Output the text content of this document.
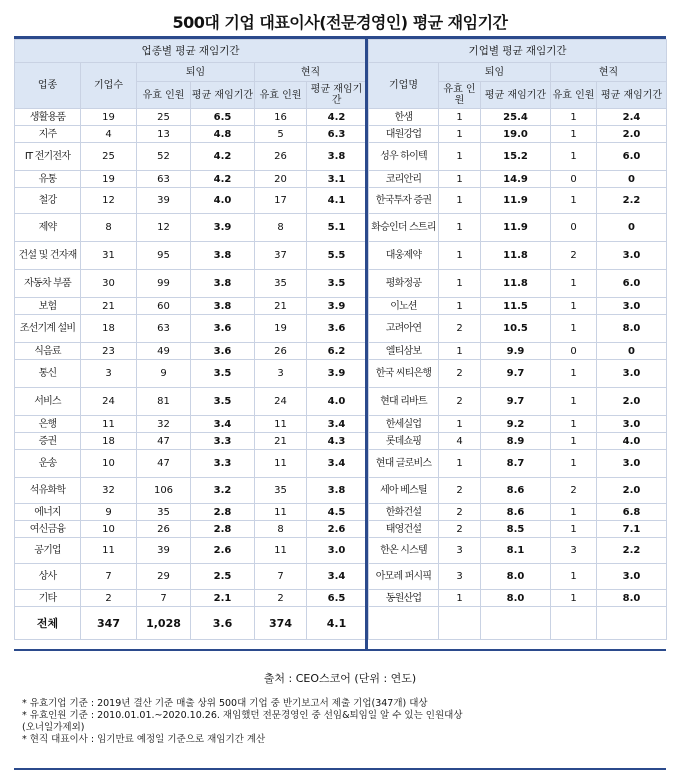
500대 기업 대표이사(전문경영인) 평균 재임기간
업종별 평균 재임기간					
업종	기업수	퇴임		현직	
		유효 인원	평균 재임기간	유효 인원	평균 재임기간
생활용품	19	25	6.5	16	4.2
지주	4	13	4.8	5	6.3
IT 전기전자	25	52	4.2	26	3.8
유통	19	63	4.2	20	3.1
철강	12	39	4.0	17	4.1
제약	8	12	3.9	8	5.1
건설 및 건자재	31	95	3.8	37	5.5
자동차 부품	30	99	3.8	35	3.5
보험	21	60	3.8	21	3.9
조선기계 설비	18	63	3.6	19	3.6
식음료	23	49	3.6	26	6.2
통신	3	9	3.5	3	3.9
서비스	24	81	3.5	24	4.0
은행	11	32	3.4	11	3.4
증권	18	47	3.3	21	4.3
운송	10	47	3.3	11	3.4
석유화학	32	106	3.2	35	3.8
에너지	9	35	2.8	11	4.5
여신금융	10	26	2.8	8	2.6
공기업	11	39	2.6	11	3.0
상사	7	29	2.5	7	3.4
기타	2	7	2.1	2	6.5
전체	347	1,028	3.6	374	4.1
기업별 평균 재임기간				
기업명	퇴임		현직	
	유효 인원	평균 재임기간	유효 인원	평균 재임기간
한샘	1	25.4	1	2.4
대원강업	1	19.0	1	2.0
성우 하이텍	1	15.2	1	6.0
코리안리	1	14.9	0	0
한국투자 증권	1	11.9	1	2.2
화승인더 스트리	1	11.9	0	0
대웅제약	1	11.8	2	3.0
평화정공	1	11.8	1	6.0
이노션	1	11.5	1	3.0
고려아연	2	10.5	1	8.0
엘티삼보	1	9.9	0	0
한국 씨티은행	2	9.7	1	3.0
현대 리바트	2	9.7	1	2.0
한세실업	1	9.2	1	3.0
롯데쇼핑	4	8.9	1	4.0
현대 글로비스	1	8.7	1	3.0
세아 베스틸	2	8.6	2	2.0
한화건설	2	8.6	1	6.8
태영건설	2	8.5	1	7.1
한온 시스템	3	8.1	3	2.2
아모레 퍼시픽	3	8.0	1	3.0
동원산업	1	8.0	1	8.0

출처 : CEO스코어 (단위 : 연도)
* 유효기업 기준 : 2019년 결산 기준 매출 상위 500대 기업 중 반기보고서 제출 기업(347개) 대상
* 유효인원 기준 : 2010.01.01.~2020.10.26. 재임했던 전문경영인 중 선임&퇴임일 알 수 있는 인원대상
(오너일가제외)
* 현직 대표이사 : 임기만료 예정일 기준으로 재임기간 계산
